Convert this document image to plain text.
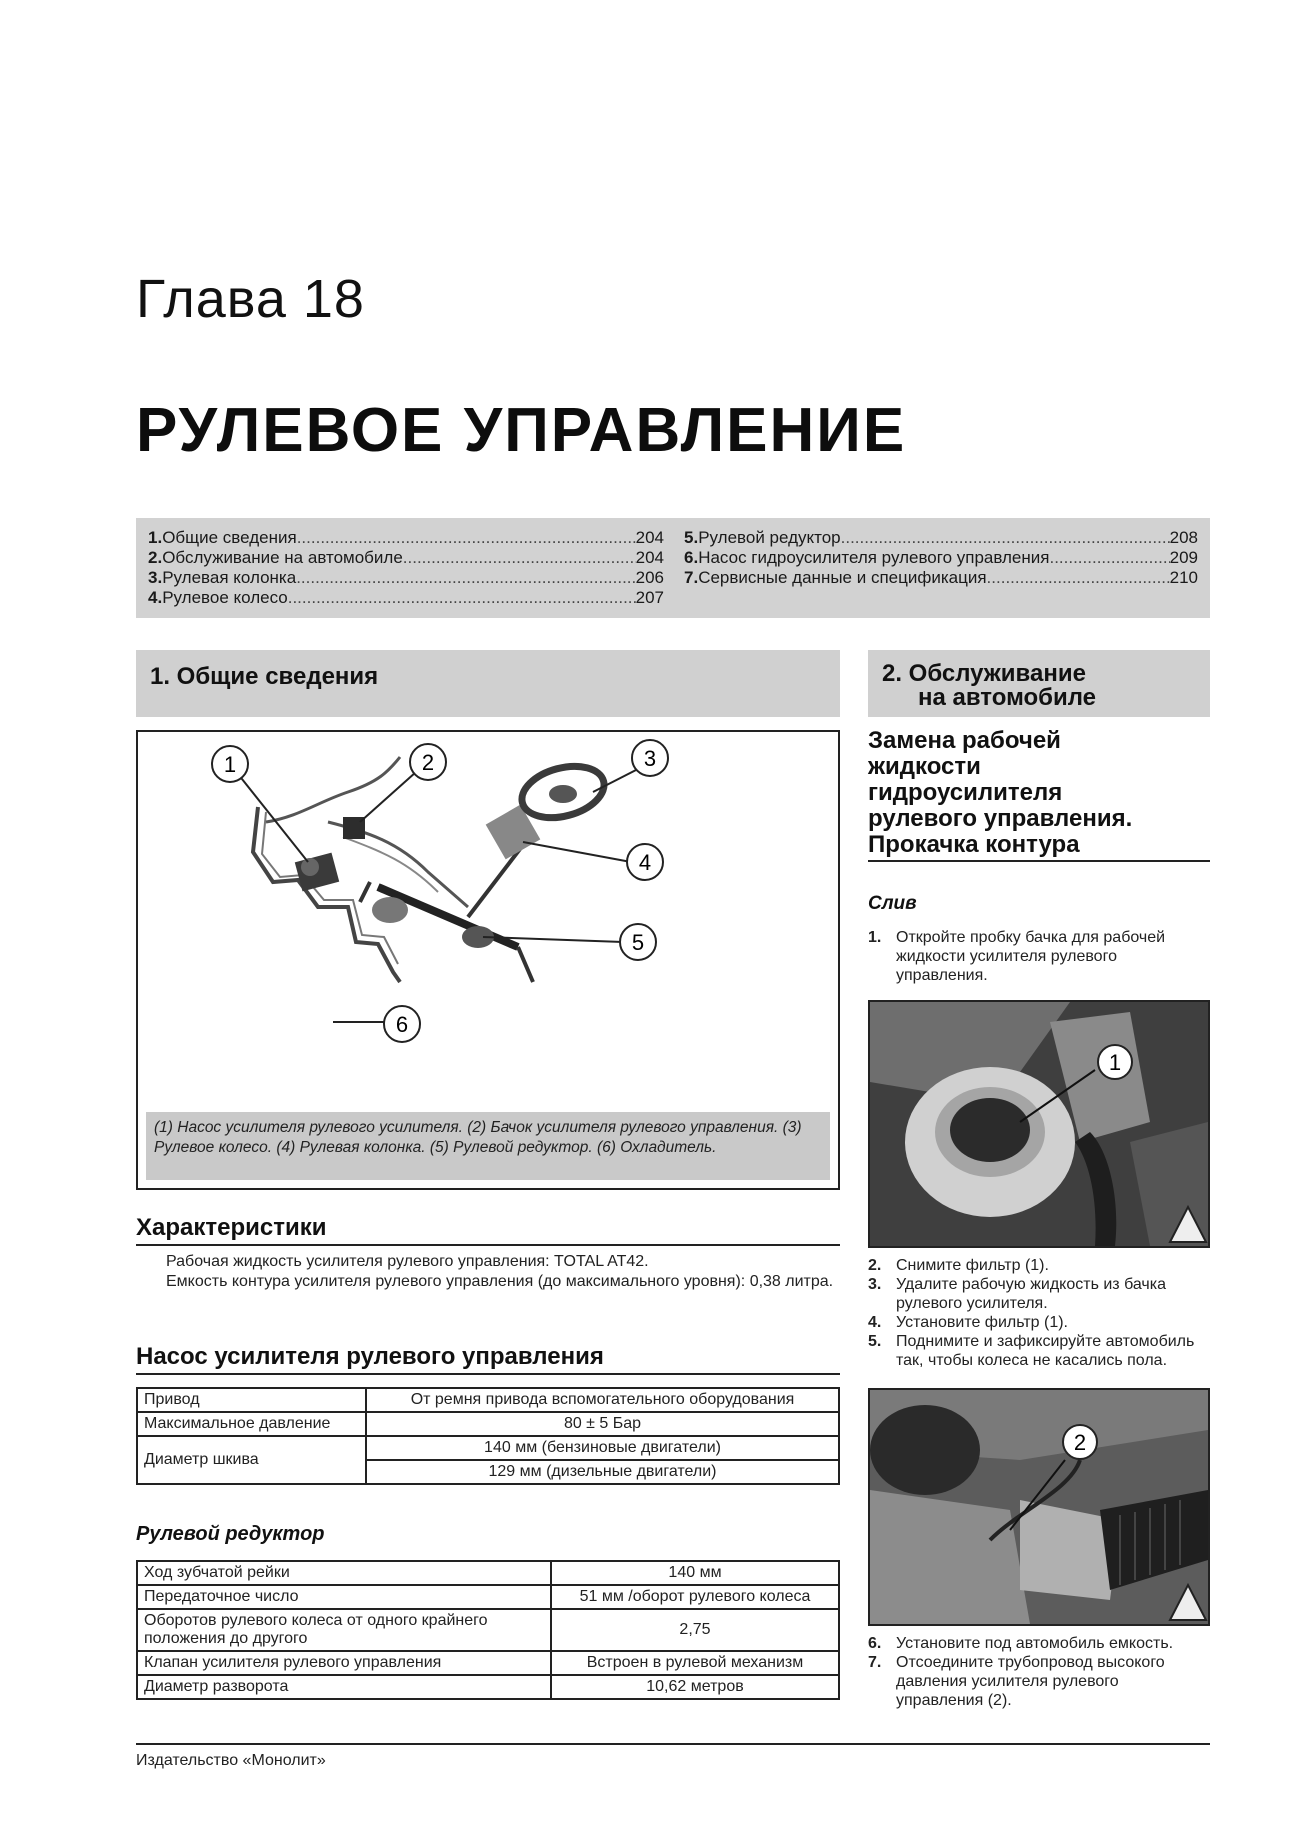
Глава 18
РУЛЕВОЕ УПРАВЛЕНИЕ
1. Общие сведения .....	204
2. Обслуживание на автомобиле .....	204
3. Рулевая колонка .....	206
4. Рулевое колесо .....	207
5. Рулевой редуктор .....	208
6. Насос гидроусилителя рулевого управления .....	209
7. Сервисные данные и спецификация .....	210
1. Общие сведения	2. Обслуживание
на автомобиле
1	2	3
4
5
6
(1) Насос усилителя рулевого усилителя. (2) Бачок усилителя рулевого управления. (3) Рулевое колесо. (4) Рулевая колонка. (5) Рулевой редуктор. (6) Охладитель.
Характеристики
Рабочая жидкость усилителя рулевого управления: TOTAL AT42.
Емкость контура усилителя рулевого управления (до максимального уровня): 0,38 литра.
Насос усилителя рулевого управления
Привод	От ремня привода вспомогательного оборудования
Максимальное давление	80 ± 5 Бар
Диаметр шкива	140 мм (бензиновые двигатели)
	129 мм (дизельные двигатели)
Рулевой редуктор
Ход зубчатой рейки	140 мм
Передаточное число	51 мм /оборот рулевого колеса
Оборотов рулевого колеса от одного крайнего положения до другого	2,75
Клапан усилителя рулевого управления	Встроен в рулевой механизм
Диаметр разворота	10,62 метров
Замена рабочей
жидкости
гидроусилителя
рулевого управления.
Прокачка контура
Слив
1. Откройте пробку бачка для рабочей жидкости усилителя рулевого управления.
1
2. Снимите фильтр (1).
3. Удалите рабочую жидкость из бачка рулевого усилителя.
4. Установите фильтр (1).
5. Поднимите и зафиксируйте автомобиль так, чтобы колеса не касались пола.
2
6. Установите под автомобиль емкость.
7. Отсоедините трубопровод высокого давления усилителя рулевого управления (2).
Издательство «Монолит»
